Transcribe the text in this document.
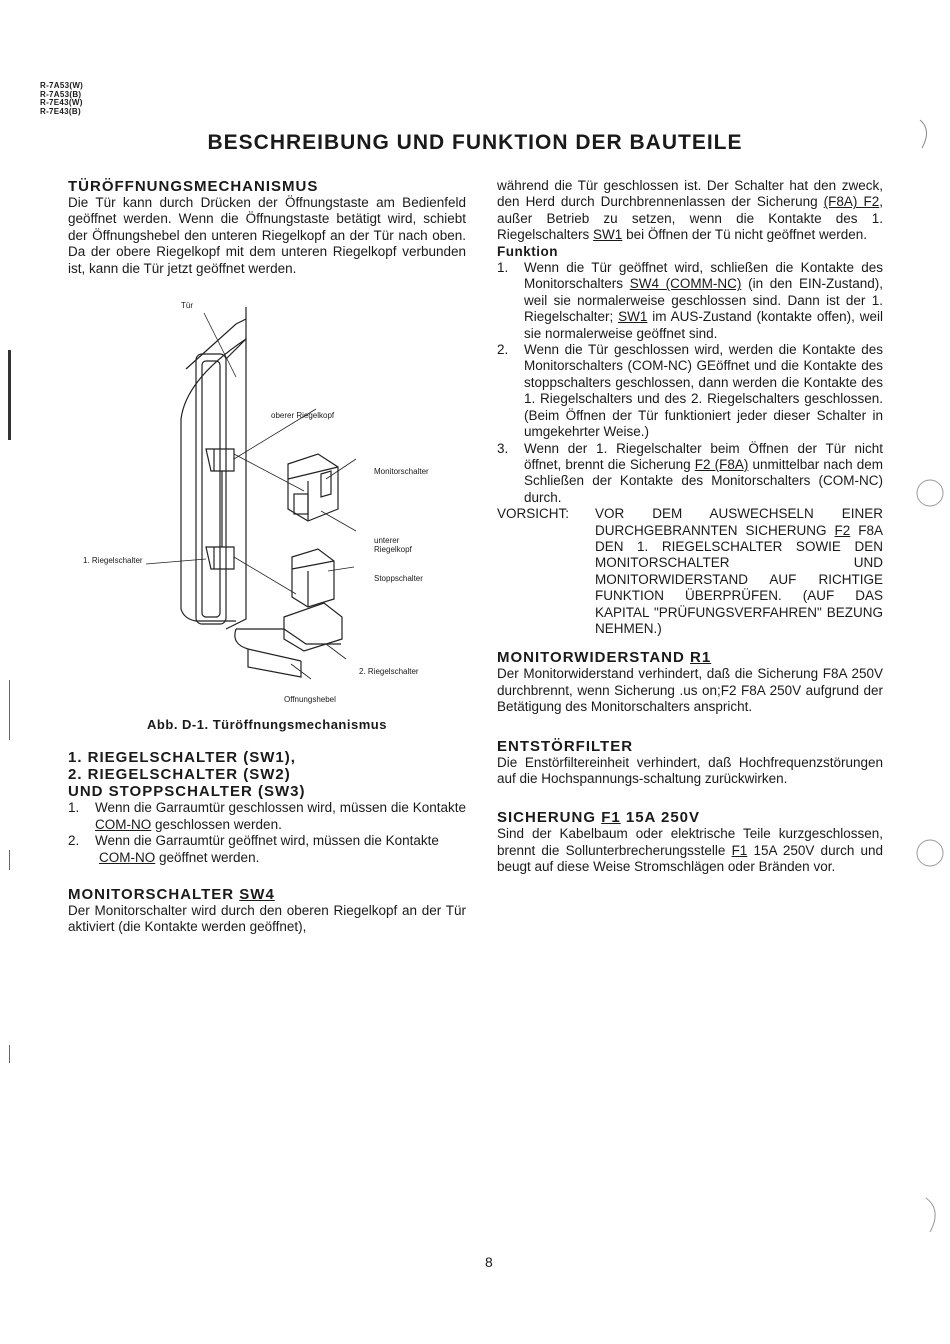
R-7A53(W)
R-7A53(B)
R-7E43(W)
R-7E43(B)
BESCHREIBUNG UND FUNKTION DER BAUTEILE
TÜRÖFFNUNGSMECHANISMUS

Die Tür kann durch Drücken der Öffnungstaste am Bedienfeld geöffnet werden. Wenn die Öffnungstaste betätigt wird, schiebt der Öffnungshebel den unteren Riegelkopf an der Tür nach oben. Da der obere Riegelkopf mit dem unteren Riegelkopf verbunden ist, kann die Tür jetzt geöffnet werden.

Tür
oberer Riegelkopf
Monitorschalter
unterer
Riegelkopf
1. Riegelschalter
Stoppschalter
2. Riegelschalter
Offnungshebel

Abb. D-1. Türöffnungsmechanismus

1. RIEGELSCHALTER (SW1),
2. RIEGELSCHALTER (SW2)
UND STOPPSCHALTER (SW3)
1. Wenn die Garraumtür geschlossen wird, müssen die Kontakte COM-NO geschlossen werden.
2. Wenn die Garraumtür geöffnet wird, müssen die Kontakte
COM-NO geöffnet werden.
MONITORSCHALTER SW4

Der Monitorschalter wird durch den oberen Riegelkopf an der Tür aktiviert (die Kontakte werden geöffnet),

während die Tür geschlossen ist. Der Schalter hat den zweck, den Herd durch Durchbrennenlassen der Sicherung (F8A) F2, außer Betrieb zu setzen, wenn die Kontakte des 1. Riegelschalters SW1 bei Öffnen der Tü nicht geöffnet werden.

Funktion

1. Wenn die Tür geöffnet wird, schließen die Kontakte des Monitorschalters SW4 (COMM-NC) (in den EIN-Zustand), weil sie normalerweise geschlossen sind. Dann ist der 1. Riegelschalter; SW1 im AUS-Zustand (kontakte offen), weil sie normalerweise geöffnet sind.
2. Wenn die Tür geschlossen wird, werden die Kontakte des Monitorschalters (COM-NC) GEöffnet und die Kontakte des stoppschalters geschlossen, dann werden die Kontakte des 1. Riegelschalters und des 2. Riegelschalters geschlossen. (Beim Öffnen der Tür funktioniert jeder dieser Schalter in umgekehrter Weise.)
3. Wenn der 1. Riegelschalter beim Öffnen der Tür nicht öffnet, brennt die Sicherung F2 (F8A) unmittelbar nach dem Schließen der Kontakte des Monitorschalters (COM-NC) durch.
VORSICHT:	VOR DEM AUSWECHSELN EINER DURCHGEBRANNTEN SICHERUNG F2 F8A DEN 1. RIEGELSCHALTER SOWIE DEN MONITORSCHALTER UND MONITORWIDERSTAND AUF RICHTIGE FUNKTION ÜBERPRÜFEN. (AUF DAS KAPITAL "PRÜFUNGSVERFAHREN" BEZUNG NEHMEN.)
MONITORWIDERSTAND R1

Der Monitorwiderstand verhindert, daß die Sicherung F8A 250V durchbrennt, wenn Sicherung .us on;F2 F8A 250V aufgrund der Betätigung des Monitorschalters anspricht.

ENTSTÖRFILTER

Die Enstörfiltereinheit verhindert, daß Hochfrequenzstörungen auf die Hochspannungs-schaltung zurückwirken.

SICHERUNG F1 15A 250V

Sind der Kabelbaum oder elektrische Teile kurzgeschlossen, brennt die Sollunterbrecherungsstelle F1 15A 250V durch und beugt auf diese Weise Stromschlägen oder Bränden vor.

8
